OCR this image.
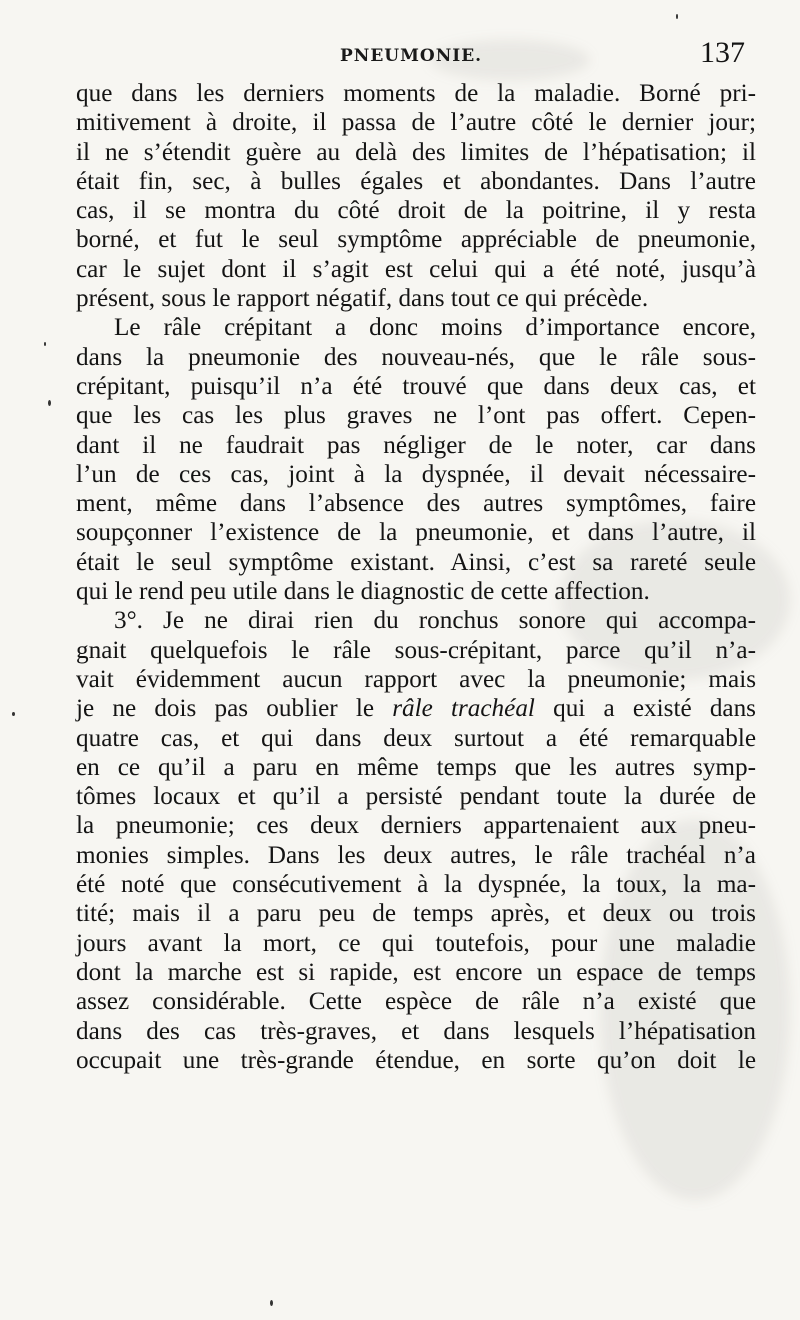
PNEUMONIE.	137
que dans les derniers moments de la maladie. Borné pri-
mitivement à droite, il passa de l’autre côté le dernier jour;
il ne s’étendit guère au delà des limites de l’hépatisation; il
était fin, sec, à bulles égales et abondantes. Dans l’autre
cas, il se montra du côté droit de la poitrine, il y resta
borné, et fut le seul symptôme appréciable de pneumonie,
car le sujet dont il s’agit est celui qui a été noté, jusqu’à
présent, sous le rapport négatif, dans tout ce qui précède.
Le râle crépitant a donc moins d’importance encore,
dans la pneumonie des nouveau-nés, que le râle sous-
crépitant, puisqu’il n’a été trouvé que dans deux cas, et
que les cas les plus graves ne l’ont pas offert. Cepen-
dant il ne faudrait pas négliger de le noter, car dans
l’un de ces cas, joint à la dyspnée, il devait nécessaire-
ment, même dans l’absence des autres symptômes, faire
soupçonner l’existence de la pneumonie, et dans l’autre, il
était le seul symptôme existant. Ainsi, c’est sa rareté seule
qui le rend peu utile dans le diagnostic de cette affection.
3°. Je ne dirai rien du ronchus sonore qui accompa-
gnait quelquefois le râle sous-crépitant, parce qu’il n’a-
vait évidemment aucun rapport avec la pneumonie; mais
je ne dois pas oublier le râle trachéal qui a existé dans
quatre cas, et qui dans deux surtout a été remarquable
en ce qu’il a paru en même temps que les autres symp-
tômes locaux et qu’il a persisté pendant toute la durée de
la pneumonie; ces deux derniers appartenaient aux pneu-
monies simples. Dans les deux autres, le râle trachéal n’a
été noté que consécutivement à la dyspnée, la toux, la ma-
tité; mais il a paru peu de temps après, et deux ou trois
jours avant la mort, ce qui toutefois, pour une maladie
dont la marche est si rapide, est encore un espace de temps
assez considérable. Cette espèce de râle n’a existé que
dans des cas très-graves, et dans lesquels l’hépatisation
occupait une très-grande étendue, en sorte qu’on doit le
